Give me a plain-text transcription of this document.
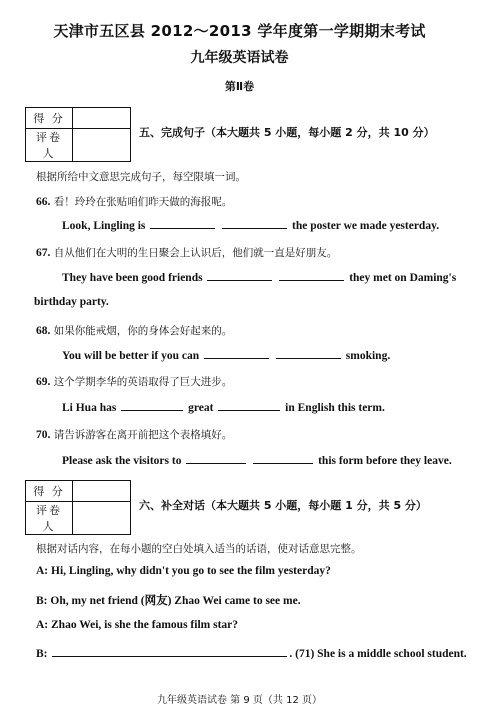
天津市五区县 2012～2013 学年度第一学期期末考试
九年级英语试卷
第Ⅱ卷
得 分	
评卷人	
五、完成句子（本大题共 5 小题，每小题 2 分，共 10 分）
根据所给中文意思完成句子，每空限填一词。
66. 看！玲玲在张贴咱们昨天做的海报呢。
Look, Lingling is	the poster we made yesterday.
67. 自从他们在大明的生日聚会上认识后，他们就一直是好朋友。
They have been good friends	they met on Daming's
birthday party.
68. 如果你能戒烟，你的身体会好起来的。
You will be better if you can	smoking.
69. 这个学期李华的英语取得了巨大进步。
Li Hua has	great	in English this term.
70. 请告诉游客在离开前把这个表格填好。
Please ask the visitors to	this form before they leave.
得 分	
评卷人	
六、补全对话（本大题共 5 小题，每小题 1 分，共 5 分）
根据对话内容，在每小题的空白处填入适当的话语，使对话意思完整。
A: Hi, Lingling, why didn't you go to see the film yesterday?
B: Oh, my net friend (网友) Zhao Wei came to see me.
A: Zhao Wei, is she the famous film star?
B:	. (71) She is a middle school student.
九年级英语试卷 第 9 页（共 12 页）
